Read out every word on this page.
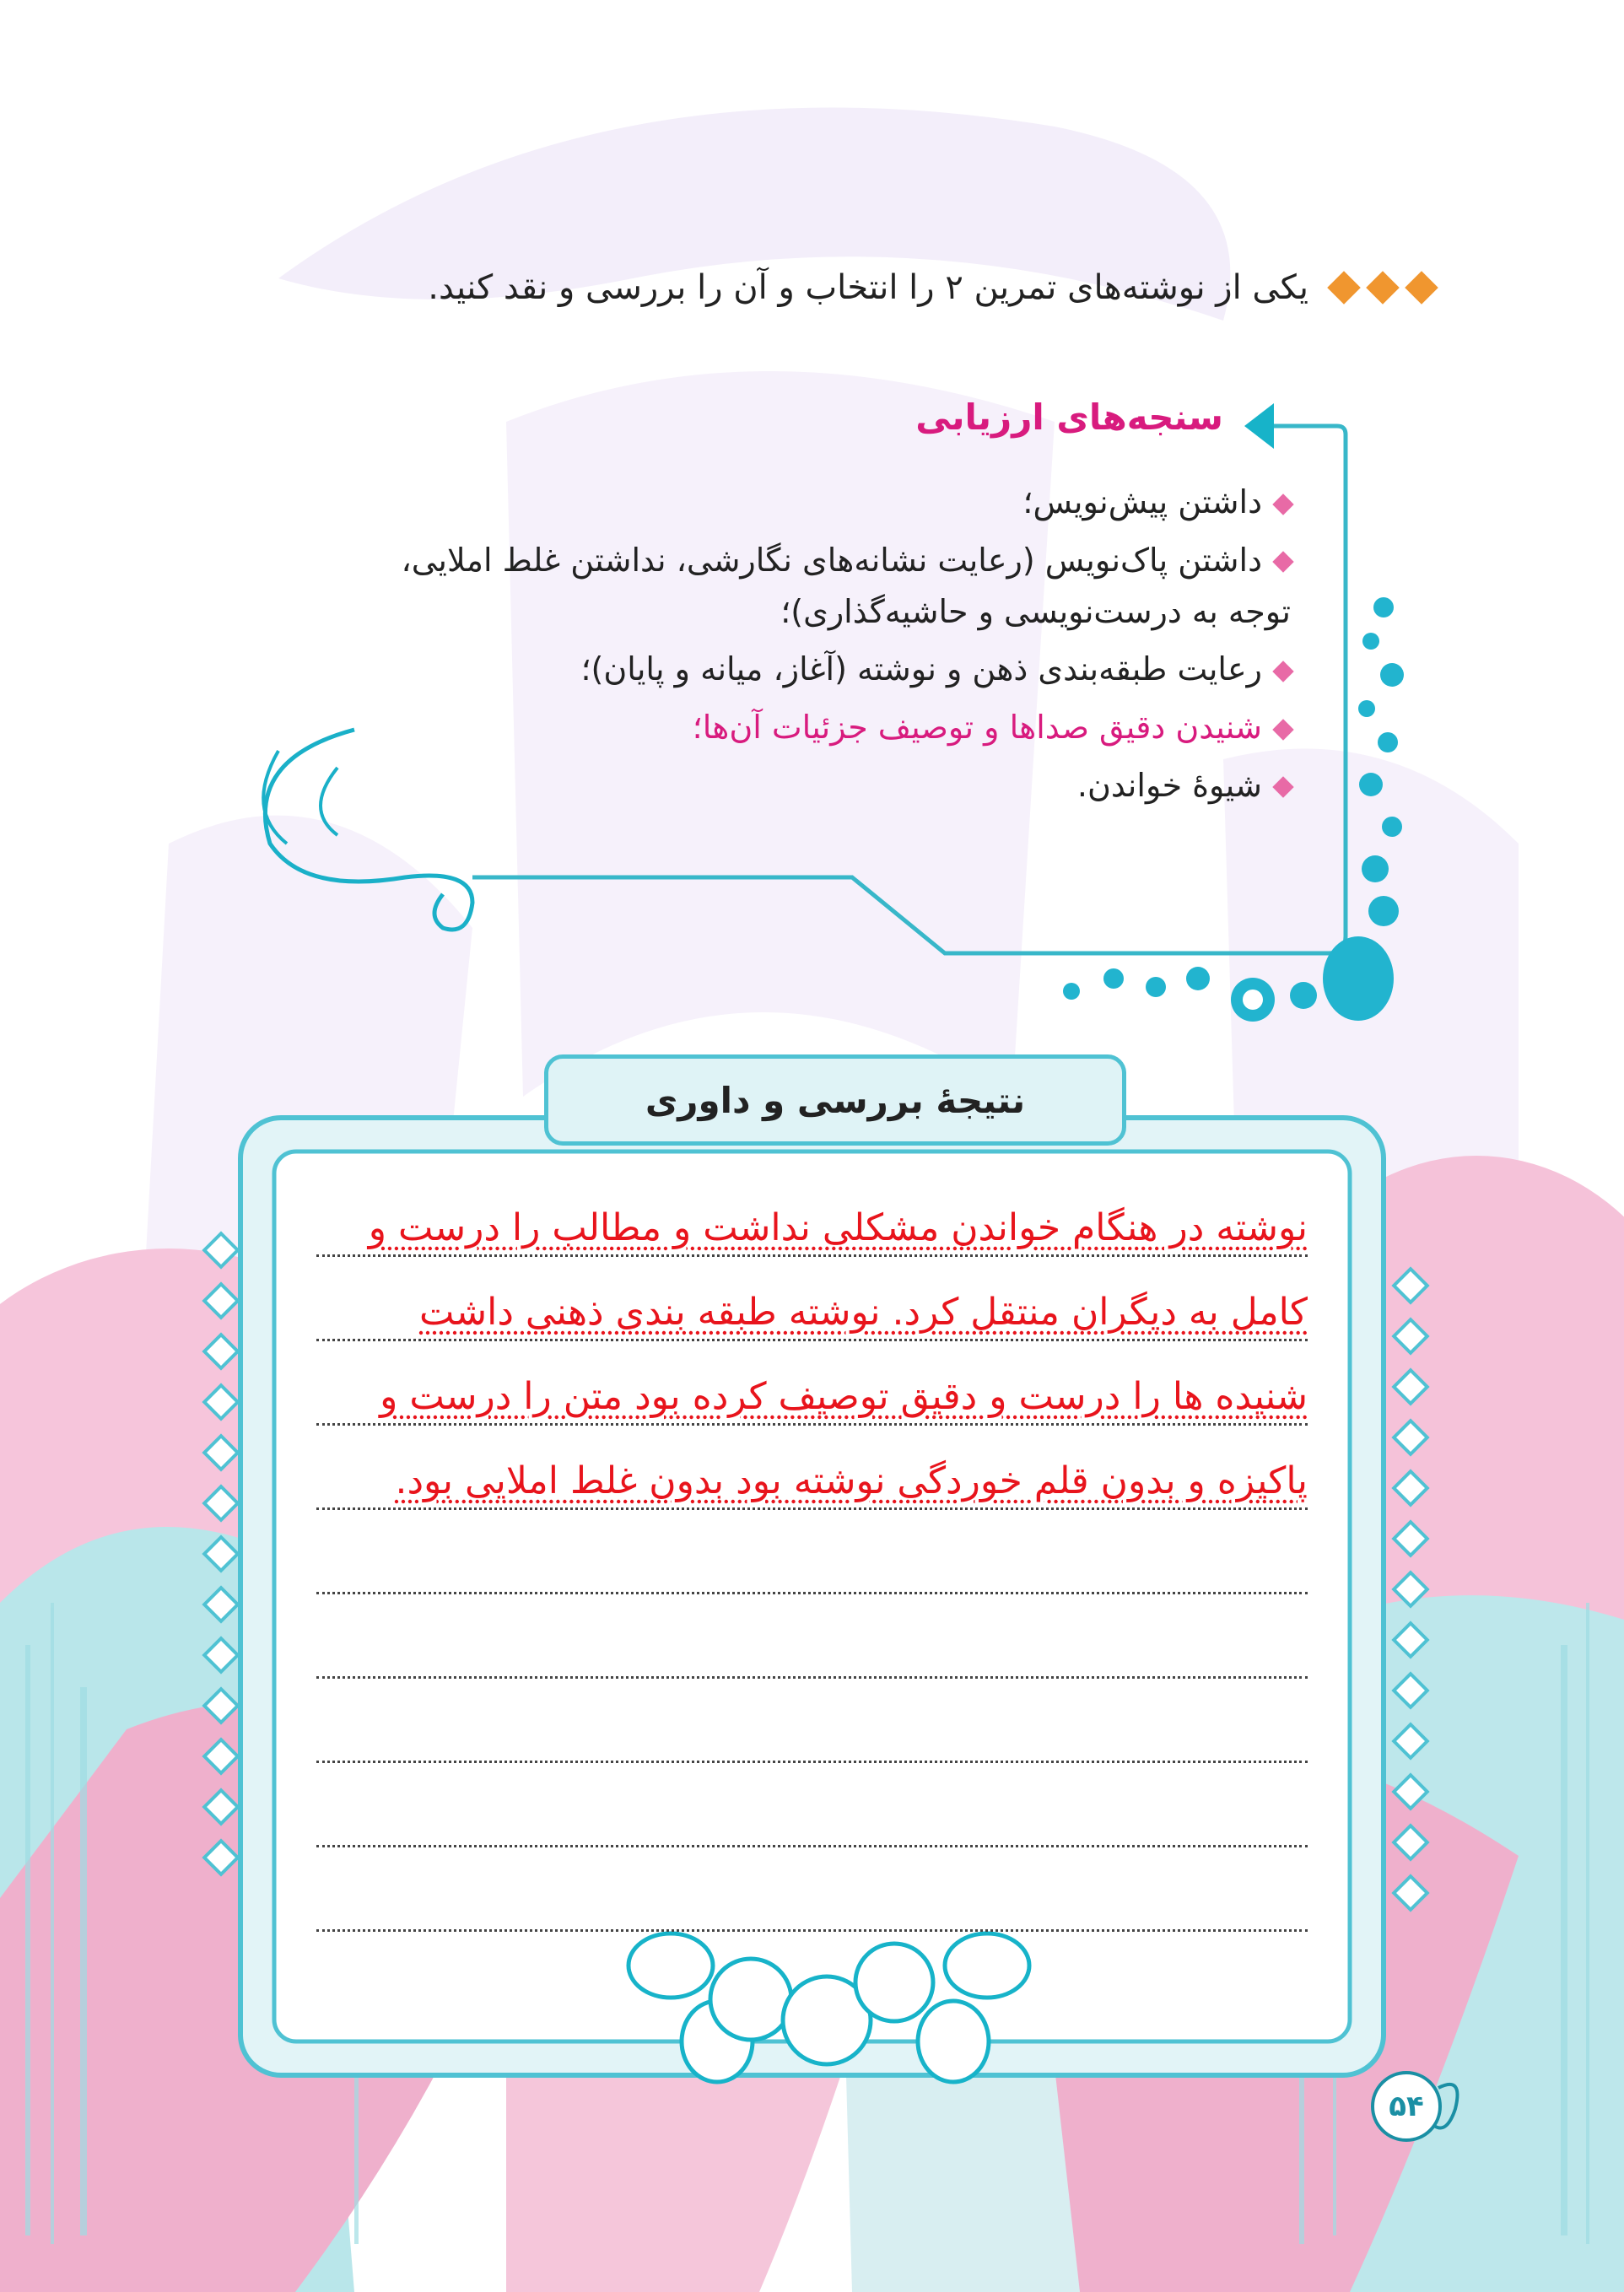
یکی از نوشته‌های تمرین ۲ را انتخاب و آن را بررسی و نقد کنید.
سنجه‌های ارزیابی
داشتن پیش‌نویس؛
داشتن پاک‌نویس (رعایت نشانه‌های نگارشی، نداشتن غلط املایی، توجه به درست‌نویسی و حاشیه‌گذاری)؛
رعایت طبقه‌بندی ذهن و نوشته (آغاز، میانه و پایان)؛
شنیدن دقیق صداها و توصیف جزئیات آن‌ها؛
شیوۀ خواندن.
نتیجۀ بررسی و داوری
نوشته در هنگام خواندن مشکلی نداشت و مطالب را درست و
کامل به دیگران منتقل کرد. نوشته طبقه بندی ذهنی داشت
شنیده ها را درست و دقیق توصیف کرده بود متن را درست و
پاکیزه و بدون قلم خوردگی نوشته بود بدون غلط املایی بود.
۵۴
